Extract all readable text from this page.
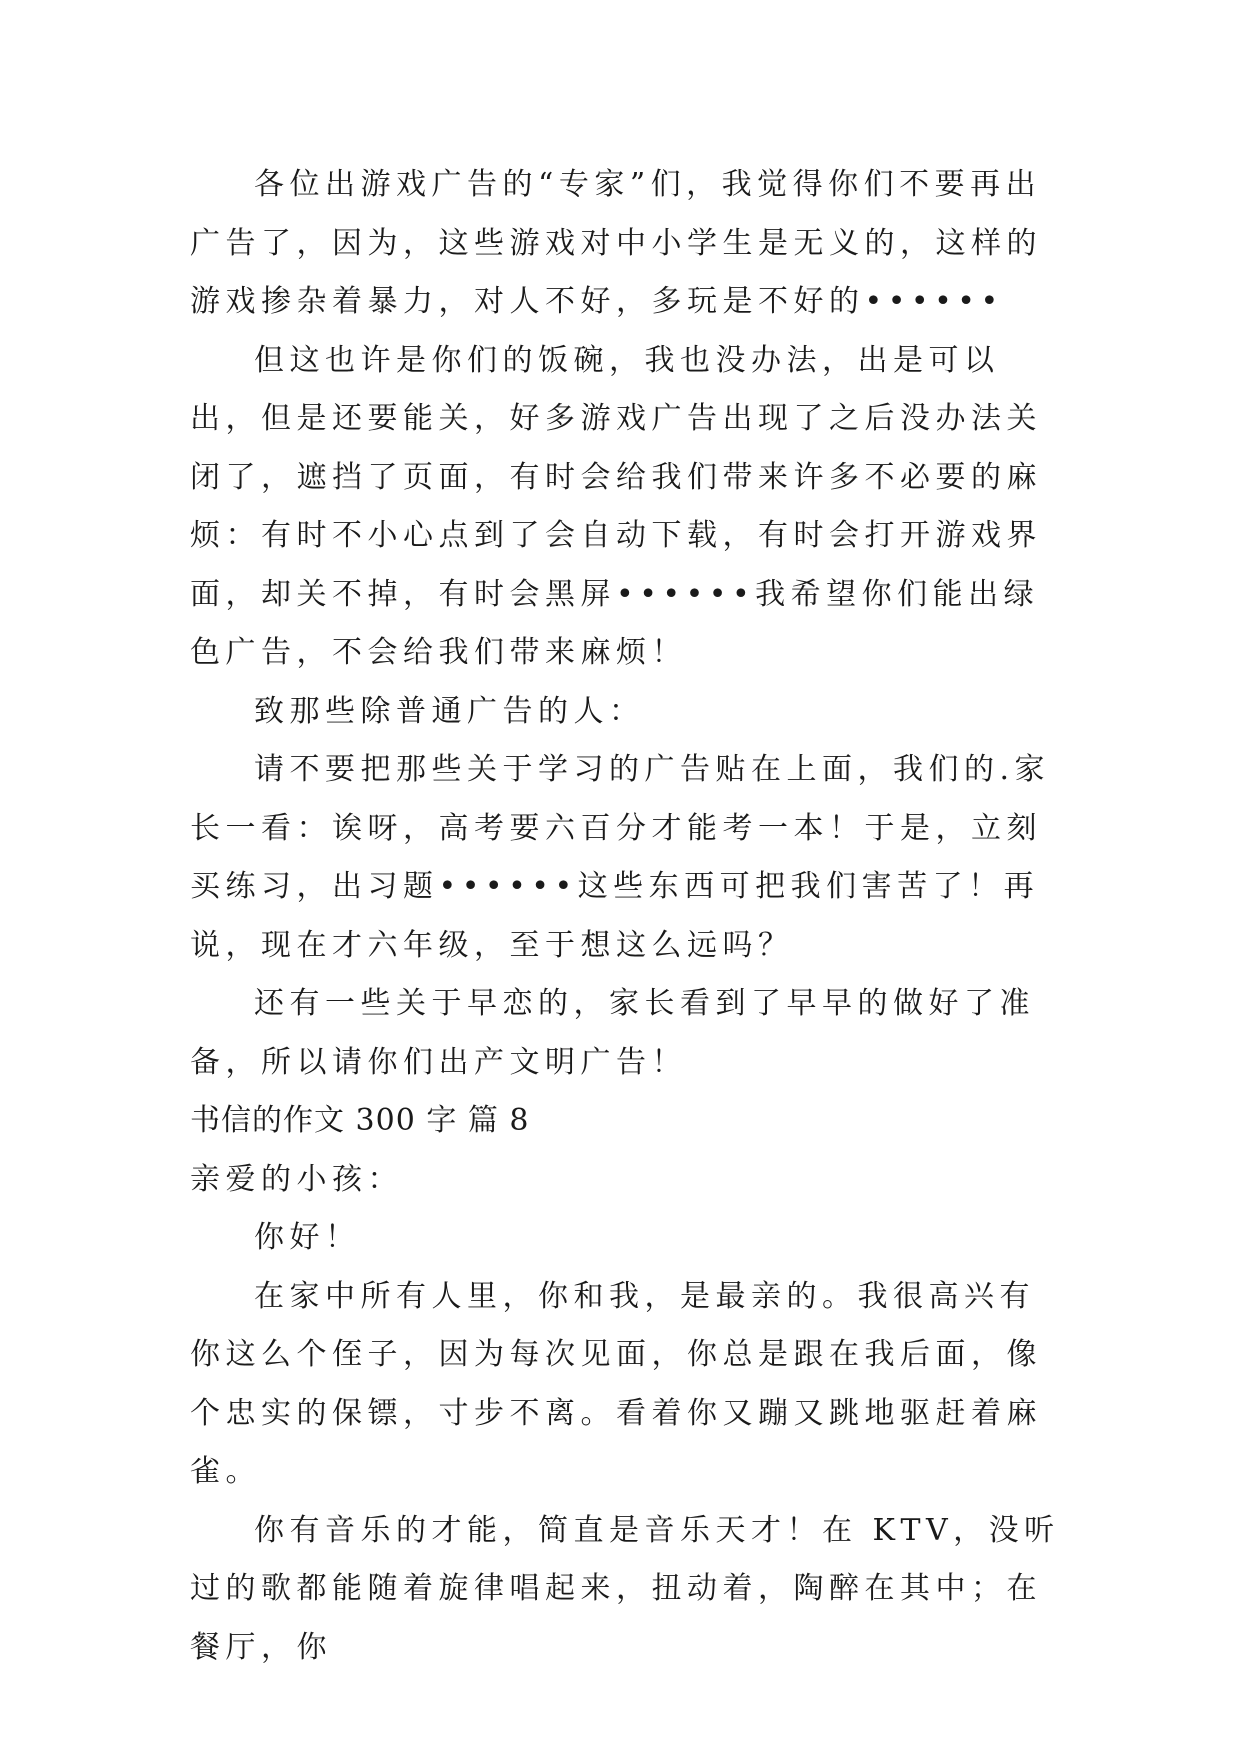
各位出游戏广告的“专家”们，我觉得你们不要再出广告了，因为，这些游戏对中小学生是无义的，这样的游戏掺杂着暴力，对人不好，多玩是不好的••••••

但这也许是你们的饭碗，我也没办法，出是可以出，但是还要能关，好多游戏广告出现了之后没办法关闭了，遮挡了页面，有时会给我们带来许多不必要的麻烦：有时不小心点到了会自动下载，有时会打开游戏界面，却关不掉，有时会黑屏••••••我希望你们能出绿色广告，不会给我们带来麻烦！

致那些除普通广告的人：

请不要把那些关于学习的广告贴在上面，我们的.家长一看：诶呀，高考要六百分才能考一本！于是，立刻买练习，出习题••••••这些东西可把我们害苦了！再说，现在才六年级，至于想这么远吗？

还有一些关于早恋的，家长看到了早早的做好了准备，所以请你们出产文明广告！

书信的作文 300 字 篇 8

亲爱的小孩：

你好！

在家中所有人里，你和我，是最亲的。我很高兴有你这么个侄子，因为每次见面，你总是跟在我后面，像个忠实的保镖，寸步不离。看着你又蹦又跳地驱赶着麻雀。

你有音乐的才能，简直是音乐天才！在 KTV，没听过的歌都能随着旋律唱起来，扭动着，陶醉在其中；在餐厅，你
